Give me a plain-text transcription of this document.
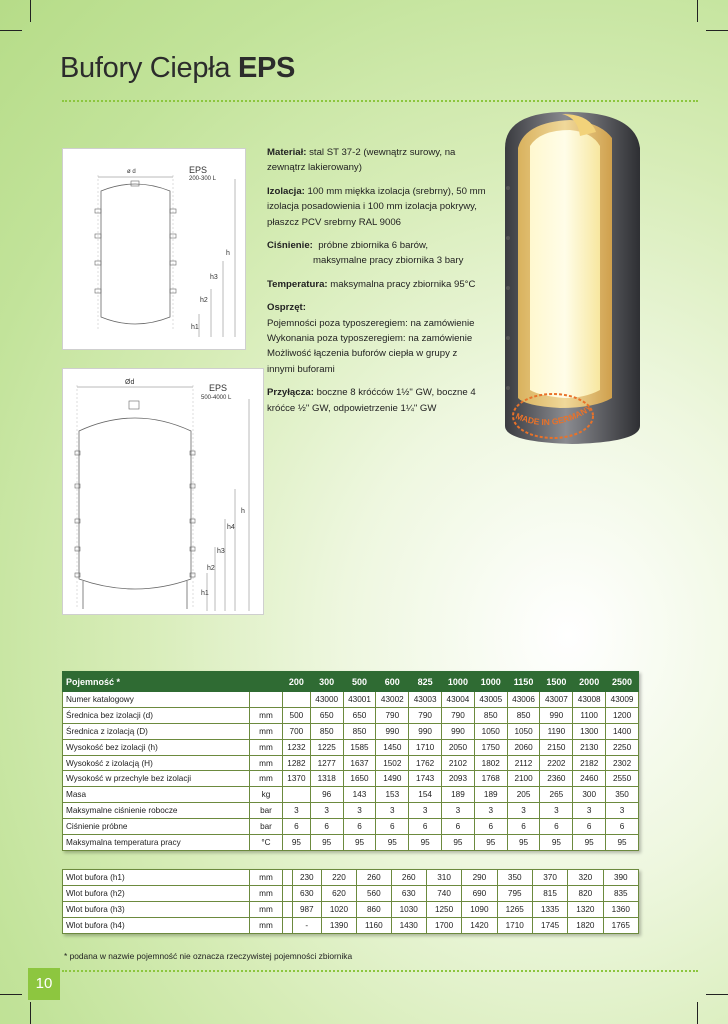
Bufory Ciepła EPS
EPS
200-300 L
ø d
h
h3
h2
h1
EPS
500-4000 L
Ød
h
h4
h3
h2
h1

Materiał: stal ST 37-2 (wewnątrz surowy, na zewnątrz lakierowany)

Izolacja: 100 mm miękka izolacja (srebrny), 50 mm izolacja posadowienia i 100 mm izolacja pokrywy, płaszcz PCV srebrny RAL 9006

Ciśnienie: próbne zbiornika 6 barów,
maksymalne pracy zbiornika 3 bary

Temperatura: maksymalna pracy zbiornika 95°C

Osprzęt:
Pojemności poza typoszeregiem: na zamówienie
Wykonania poza typoszeregiem: na zamówienie
Możliwość łączenia buforów ciepła w grupy z innymi buforami

Przyłącza: boczne 8 króćców 1½" GW, boczne 4 króćce ½" GW, odpowietrzenie 1¼" GW

MADE IN GERMANY
Pojemność *		200	300	500	600	825	1000	1000	1150	1500	2000	2500
Numer katalogowy			43000	43001	43002	43003	43004	43005	43006	43007	43008	43009
Średnica bez izolacji (d)	mm	500	650	650	790	790	790	850	850	990	1100	1200
Średnica z izolacją (D)	mm	700	850	850	990	990	990	1050	1050	1190	1300	1400
Wysokość bez izolacji (h)	mm	1232	1225	1585	1450	1710	2050	1750	2060	2150	2130	2250
Wysokość z izolacją (H)	mm	1282	1277	1637	1502	1762	2102	1802	2112	2202	2182	2302
Wysokość w przechyle bez izolacji	mm	1370	1318	1650	1490	1743	2093	1768	2100	2360	2460	2550
Masa	kg		96	143	153	154	189	189	205	265	300	350
Maksymalne ciśnienie robocze	bar	3	3	3	3	3	3	3	3	3	3	3
Ciśnienie próbne	bar	6	6	6	6	6	6	6	6	6	6	6
Maksymalna temperatura pracy	°C	95	95	95	95	95	95	95	95	95	95	95
Wlot bufora (h1)	mm		230	220	260	260	310	290	350	370	320	390
Wlot bufora (h2)	mm		630	620	560	630	740	690	795	815	820	835
Wlot bufora (h3)	mm		987	1020	860	1030	1250	1090	1265	1335	1320	1360
Wlot bufora (h4)	mm		-	1390	1160	1430	1700	1420	1710	1745	1820	1765
* podana w nazwie pojemność nie oznacza rzeczywistej pojemności zbiornika
10
